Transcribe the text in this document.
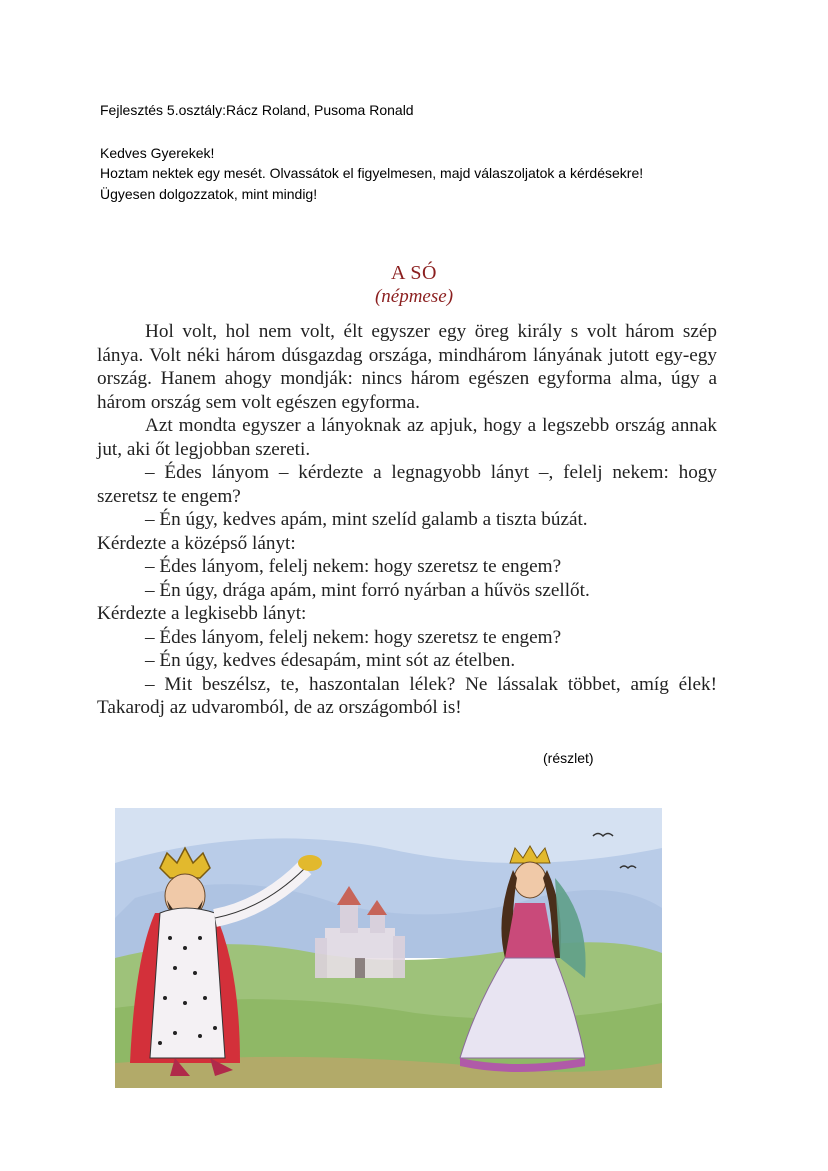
Fejlesztés 5.osztály:Rácz Roland, Pusoma Ronald
Kedves Gyerekek!
Hoztam nektek egy mesét. Olvassátok el figyelmesen, majd válaszoljatok a kérdésekre!
Ügyesen dolgozzatok, mint mindig!
A SÓ
(népmese)

Hol volt, hol nem volt, élt egyszer egy öreg király s volt három szép lánya. Volt néki három dúsgazdag országa, mindhárom lányának jutott egy-egy ország. Hanem ahogy mondják: nincs három egészen egyforma alma, úgy a három ország sem volt egészen egyforma.

Azt mondta egyszer a lányoknak az apjuk, hogy a legszebb ország annak jut, aki őt legjobban szereti.

– Édes lányom – kérdezte a legnagyobb lányt –, felelj nekem: hogy szeretsz te engem?

– Én úgy, kedves apám, mint szelíd galamb a tiszta búzát.

Kérdezte a középső lányt:

– Édes lányom, felelj nekem: hogy szeretsz te engem?

– Én úgy, drága apám, mint forró nyárban a hűvös szellőt.

Kérdezte a legkisebb lányt:

– Édes lányom, felelj nekem: hogy szeretsz te engem?

– Én úgy, kedves édesapám, mint sót az ételben.

– Mit beszélsz, te, haszontalan lélek? Ne lássalak többet, amíg élek! Takarodj az udvaromból, de az országomból is!

(részlet)
